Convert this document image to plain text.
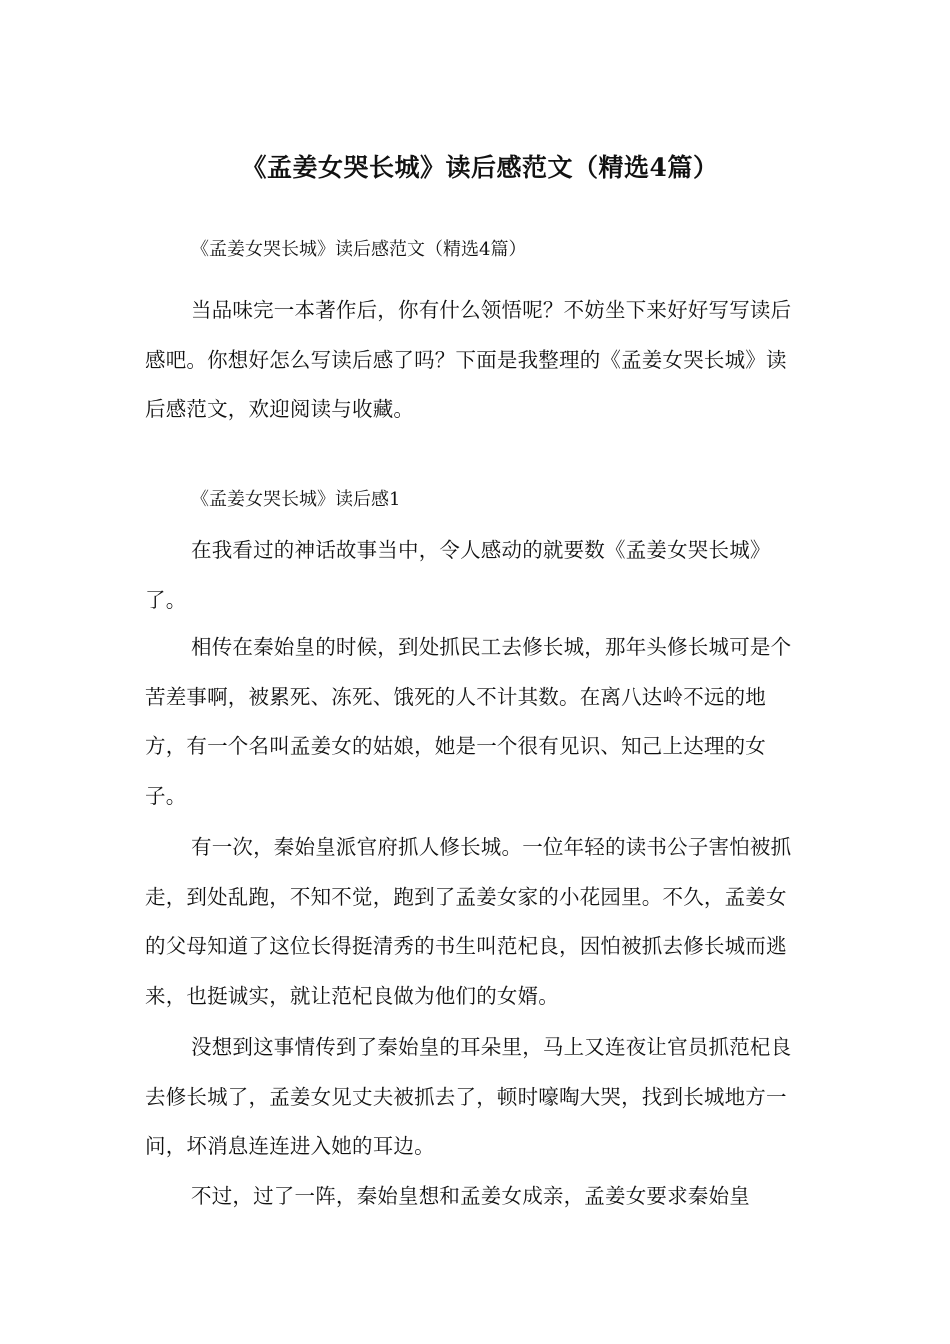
《孟姜女哭长城》读后感范文（精选4篇）

《孟姜女哭长城》读后感范文（精选4篇）

当品味完一本著作后，你有什么领悟呢？不妨坐下来好好写写读后感吧。你想好怎么写读后感了吗？下面是我整理的《孟姜女哭长城》读后感范文，欢迎阅读与收藏。

《孟姜女哭长城》读后感1

在我看过的神话故事当中，令人感动的就要数《孟姜女哭长城》了。

相传在秦始皇的时候，到处抓民工去修长城，那年头修长城可是个苦差事啊，被累死、冻死、饿死的人不计其数。在离八达岭不远的地方，有一个名叫孟姜女的姑娘，她是一个很有见识、知己上达理的女子。

有一次，秦始皇派官府抓人修长城。一位年轻的读书公子害怕被抓走，到处乱跑，不知不觉，跑到了孟姜女家的小花园里。不久，孟姜女的父母知道了这位长得挺清秀的书生叫范杞良，因怕被抓去修长城而逃来，也挺诚实，就让范杞良做为他们的女婿。

没想到这事情传到了秦始皇的耳朵里，马上又连夜让官员抓范杞良去修长城了，孟姜女见丈夫被抓去了，顿时嚎啕大哭，找到长城地方一问，坏消息连连进入她的耳边。

不过，过了一阵，秦始皇想和孟姜女成亲，孟姜女要求秦始皇
